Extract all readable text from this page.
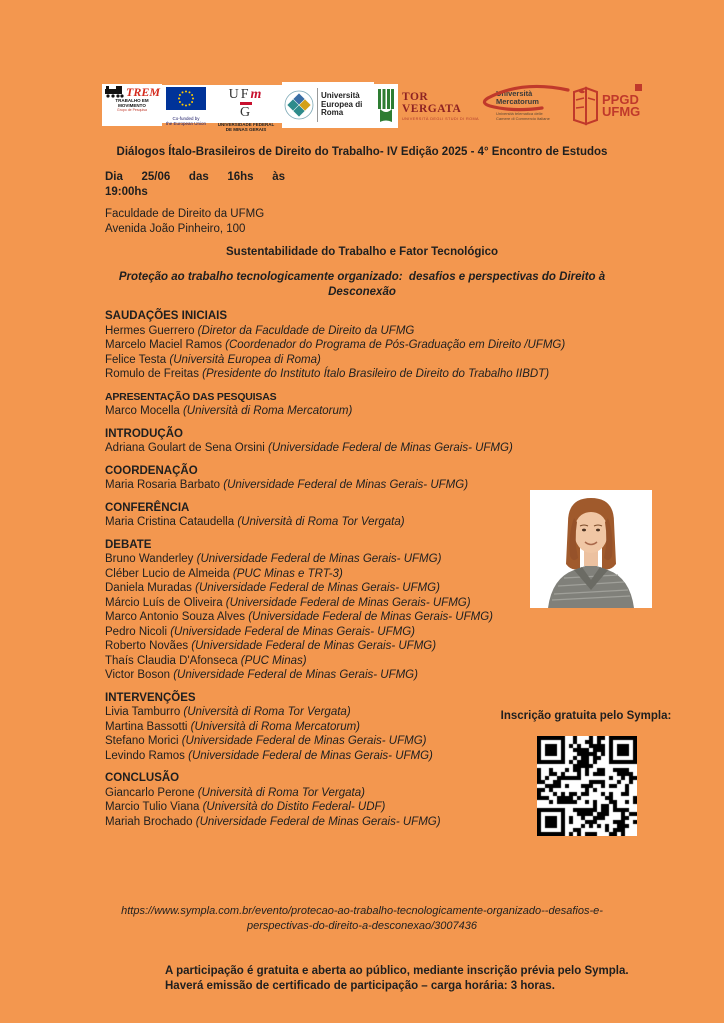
TREM
TRABALHO EM MOVIMENTO
Grupo de Pesquisa
Co-funded by
the European Union
UFm
G
UNIVERSIDADE FEDERAL
DE MINAS GERAIS
Università
Europea di
Roma
TOR VERGATA
UNIVERSITÀ DEGLI STUDI DI ROMA
Università
Mercatorum
Università telematica delle
Camere di Commercio italiane
PPGD
UFMG
Diálogos Ítalo-Brasileiros de Direito do Trabalho- IV Edição 2025 - 4° Encontro de Estudos
Dia 25/06 das 16hs às
19:00hs
Faculdade de Direito da UFMG
Avenida João Pinheiro, 100
Sustentabilidade do Trabalho e Fator Tecnológico
Proteção ao trabalho tecnologicamente organizado:  desafios e perspectivas do Direito à Desconexão
SAUDAÇÕES INICIAIS
Hermes Guerrero (Diretor da Faculdade de Direito da UFMG
Marcelo Maciel Ramos (Coordenador do Programa de Pós-Graduação em Direito /UFMG)
Felice Testa (Università Europea di Roma)
Romulo de Freitas (Presidente do Instituto Ítalo Brasileiro de Direito do Trabalho IIBDT)
APRESENTAÇÃO DAS PESQUISAS
Marco Mocella (Università di Roma Mercatorum)
INTRODUÇÃO
Adriana Goulart de Sena Orsini (Universidade Federal de Minas Gerais- UFMG)
COORDENAÇÃO
Maria Rosaria Barbato (Universidade Federal de Minas Gerais- UFMG)
CONFERÊNCIA
Maria Cristina Cataudella (Università di Roma Tor Vergata)
DEBATE
Bruno Wanderley (Universidade Federal de Minas Gerais- UFMG)
Cléber Lucio de Almeida (PUC Minas e TRT-3)
Daniela Muradas (Universidade Federal de Minas Gerais- UFMG)
Márcio Luís de Oliveira (Universidade Federal de Minas Gerais- UFMG)
Marco Antonio Souza Alves (Universidade Federal de Minas Gerais- UFMG)
Pedro Nicoli (Universidade Federal de Minas Gerais- UFMG)
Roberto Novães (Universidade Federal de Minas Gerais- UFMG)
Thaís Claudia D'Afonseca (PUC Minas)
Victor Boson (Universidade Federal de Minas Gerais- UFMG)
INTERVENÇÕES
Livia Tamburro (Università di Roma Tor Vergata)
Martina Bassotti (Università di Roma Mercatorum)
Stefano Morici (Universidade Federal de Minas Gerais- UFMG)
Levindo Ramos (Universidade Federal de Minas Gerais- UFMG)
CONCLUSÃO
Giancarlo Perone (Università di Roma Tor Vergata)
Marcio Tulio Viana (Università do Distito Federal- UDF)
Mariah Brochado (Universidade Federal de Minas Gerais- UFMG)
Inscrição gratuita pelo Sympla:
https://www.sympla.com.br/evento/protecao-ao-trabalho-tecnologicamente-organizado--desafios-e-
perspectivas-do-direito-a-desconexao/3007436
A participação é gratuita e aberta ao público, mediante inscrição prévia pelo Sympla.
Haverá emissão de certificado de participação – carga horária: 3 horas.
